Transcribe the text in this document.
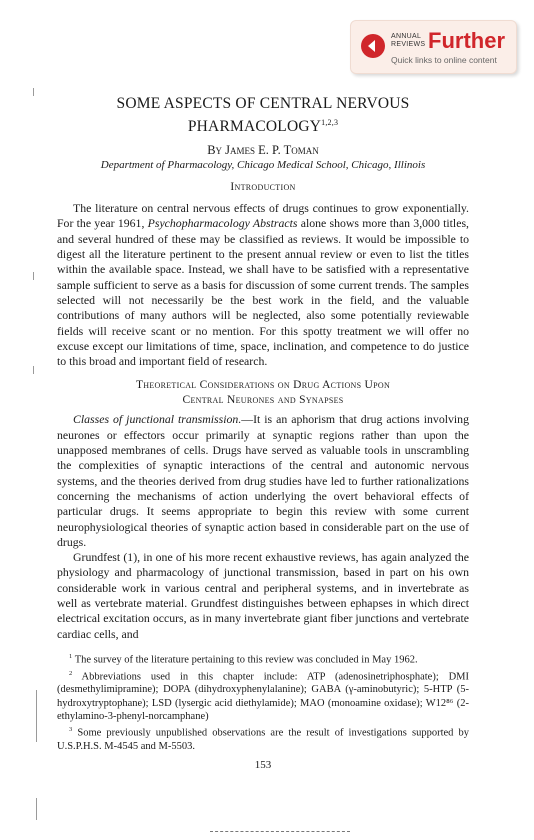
ANNUAL
REVIEWS Further
Quick links to online content
SOME ASPECTS OF CENTRAL NERVOUS
PHARMACOLOGY$^{1,2,3}$
By James E. P. Toman
Department of Pharmacology, Chicago Medical School, Chicago, Illinois
Introduction

The literature on central nervous effects of drugs continues to grow exponentially. For the year 1961, Psychopharmacology Abstracts alone shows more than 3,000 titles, and several hundred of these may be classified as reviews. It would be impossible to digest all the literature pertinent to the present annual review or even to list the titles within the available space. Instead, we shall have to be satisfied with a representative sample sufficient to serve as a basis for discussion of some current trends. The samples selected will not necessarily be the best work in the field, and the valuable contributions of many authors will be neglected, also some potentially reviewable fields will receive scant or no mention. For this spotty treatment we will offer no excuse except our limitations of time, space, inclination, and competence to do justice to this broad and important field of research.

Theoretical Considerations on Drug Actions Upon
Central Neurones and Synapses

Classes of junctional transmission.—It is an aphorism that drug actions involving neurones or effectors occur primarily at synaptic regions rather than upon the unapposed membranes of cells. Drugs have served as valuable tools in unscrambling the complexities of synaptic interactions of the central and autonomic nervous systems, and the theories derived from drug studies have led to further rationalizations concerning the mechanisms of action underlying the overt behavioral effects of particular drugs. It seems appropriate to begin this review with some current neurophysiological theories of synaptic action based in considerable part on the use of drugs.

Grundfest (1), in one of his more recent exhaustive reviews, has again analyzed the physiology and pharmacology of junctional transmission, based in part on his own considerable work in various central and peripheral systems, and in invertebrate as well as vertebrate material. Grundfest distinguishes between ephapses in which direct electrical excitation occurs, as in many invertebrate giant fiber junctions and vertebrate cardiac cells, and

$^1$ The survey of the literature pertaining to this review was concluded in May 1962.

$^2$ Abbreviations used in this chapter include: ATP (adenosinetriphosphate); DMI (desmethylimipramine); DOPA (dihydroxyphenylalanine); GABA (γ-aminobutyric); 5-HTP (5-hydroxytryptophane); LSD (lysergic acid diethylamide); MAO (monoamine oxidase); W12⁸⁶ (2-ethylamino-3-phenyl-norcamphane)

$^3$ Some previously unpublished observations are the result of investigations supported by U.S.P.H.S. M-4545 and M-5503.

153
